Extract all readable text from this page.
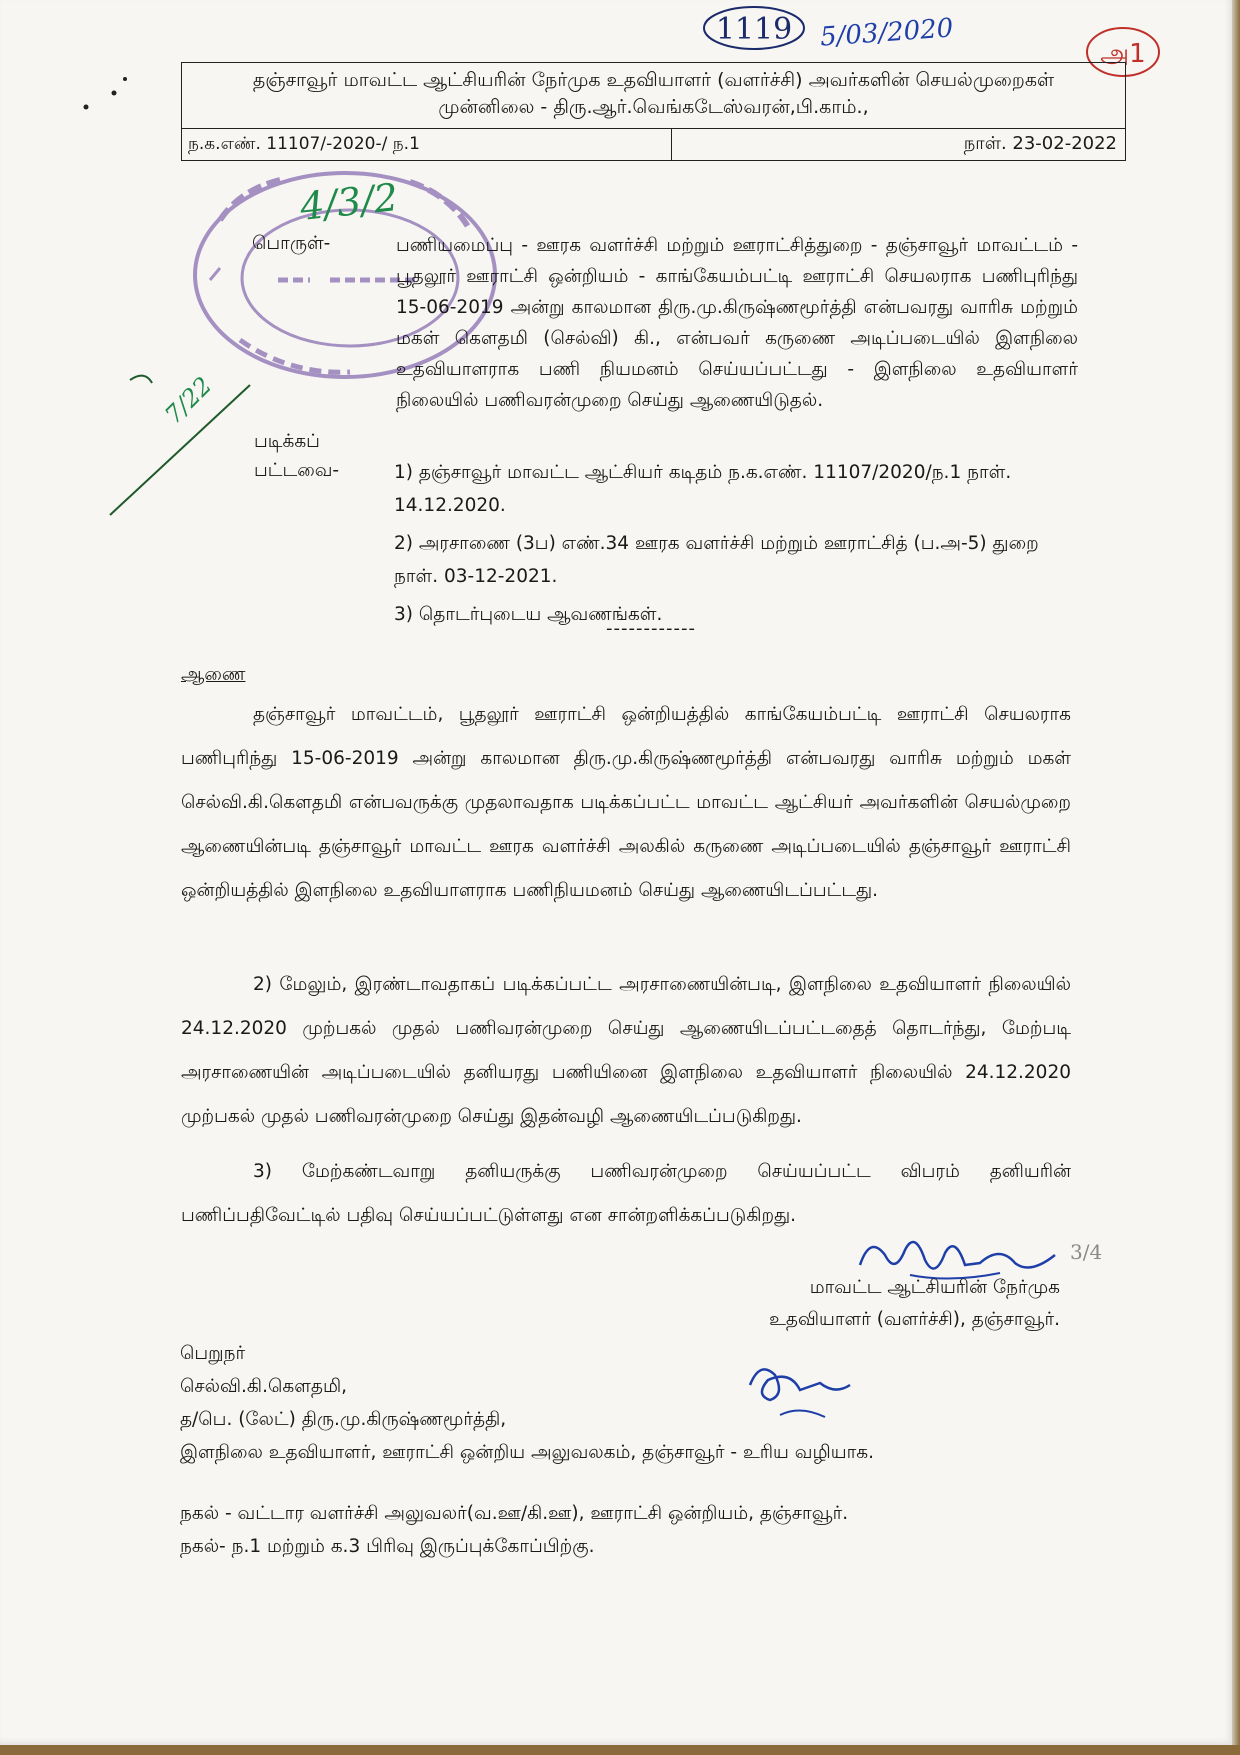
1119 5/03/2020
அ1
தஞ்சாவூர் மாவட்ட ஆட்சியரின் நேர்முக உதவியாளர் (வளர்ச்சி) அவர்களின் செயல்முறைகள்
முன்னிலை - திரு.ஆர்.வெங்கடேஸ்வரன்,பி.காம்.,
ந.க.எண். 11107/-2020-/ ந.1	நாள். 23-02-2022
4/3/2
7/22
பொருள்-	பணியமைப்பு - ஊரக வளர்ச்சி மற்றும் ஊராட்சித்துறை - தஞ்சாவூர் மாவட்டம் - பூதலூர் ஊராட்சி ஒன்றியம் - காங்கேயம்பட்டி ஊராட்சி செயலராக பணிபுரிந்து 15-06-2019 அன்று காலமான திரு.மு.கிருஷ்ணமூர்த்தி என்பவரது வாரிசு மற்றும் மகள் கௌதமி (செல்வி) கி., என்பவர் கருணை அடிப்படையில் இளநிலை உதவியாளராக பணி நியமனம் செய்யப்பட்டது - இளநிலை உதவியாளர் நிலையில் பணிவரன்முறை செய்து ஆணையிடுதல்.
படிக்கப்
பட்டவை-	1) தஞ்சாவூர் மாவட்ட ஆட்சியர் கடிதம் ந.க.எண். 11107/2020/ந.1 நாள். 14.12.2020.
2) அரசாணை (3ப) எண்.34 ஊரக வளர்ச்சி மற்றும் ஊராட்சித் (ப.அ-5) துறை நாள். 03-12-2021.
3) தொடர்புடைய ஆவணங்கள்.
------------
ஆணை
தஞ்சாவூர் மாவட்டம், பூதலூர் ஊராட்சி ஒன்றியத்தில் காங்கேயம்பட்டி ஊராட்சி செயலராக பணிபுரிந்து 15-06-2019 அன்று காலமான திரு.மு.கிருஷ்ணமூர்த்தி என்பவரது வாரிசு மற்றும் மகள் செல்வி.கி.கௌதமி என்பவருக்கு முதலாவதாக படிக்கப்பட்ட மாவட்ட ஆட்சியர் அவர்களின் செயல்முறை ஆணையின்படி தஞ்சாவூர் மாவட்ட ஊரக வளர்ச்சி அலகில் கருணை அடிப்படையில் தஞ்சாவூர் ஊராட்சி ஒன்றியத்தில் இளநிலை உதவியாளராக பணிநியமனம் செய்து ஆணையிடப்பட்டது.
2) மேலும், இரண்டாவதாகப் படிக்கப்பட்ட அரசாணையின்படி, இளநிலை உதவியாளர் நிலையில் 24.12.2020 முற்பகல் முதல் பணிவரன்முறை செய்து ஆணையிடப்பட்டதைத் தொடர்ந்து, மேற்படி அரசாணையின் அடிப்படையில் தனியரது பணியினை இளநிலை உதவியாளர் நிலையில் 24.12.2020 முற்பகல் முதல் பணிவரன்முறை செய்து இதன்வழி ஆணையிடப்படுகிறது.
3) மேற்கண்டவாறு தனியருக்கு பணிவரன்முறை செய்யப்பட்ட விபரம் தனியரின் பணிப்பதிவேட்டில் பதிவு செய்யப்பட்டுள்ளது என சான்றளிக்கப்படுகிறது.
3/4
மாவட்ட ஆட்சியரின் நேர்முக
உதவியாளர் (வளர்ச்சி), தஞ்சாவூர்.
பெறுநர்
செல்வி.கி.கௌதமி,
த/பெ. (லேட்) திரு.மு.கிருஷ்ணமூர்த்தி,
இளநிலை உதவியாளர், ஊராட்சி ஒன்றிய அலுவலகம், தஞ்சாவூர் - உரிய வழியாக.
நகல் - வட்டார வளர்ச்சி அலுவலர்(வ.ஊ/கி.ஊ), ஊராட்சி ஒன்றியம், தஞ்சாவூர்.
நகல்- ந.1 மற்றும் க.3 பிரிவு இருப்புக்கோப்பிற்கு.
